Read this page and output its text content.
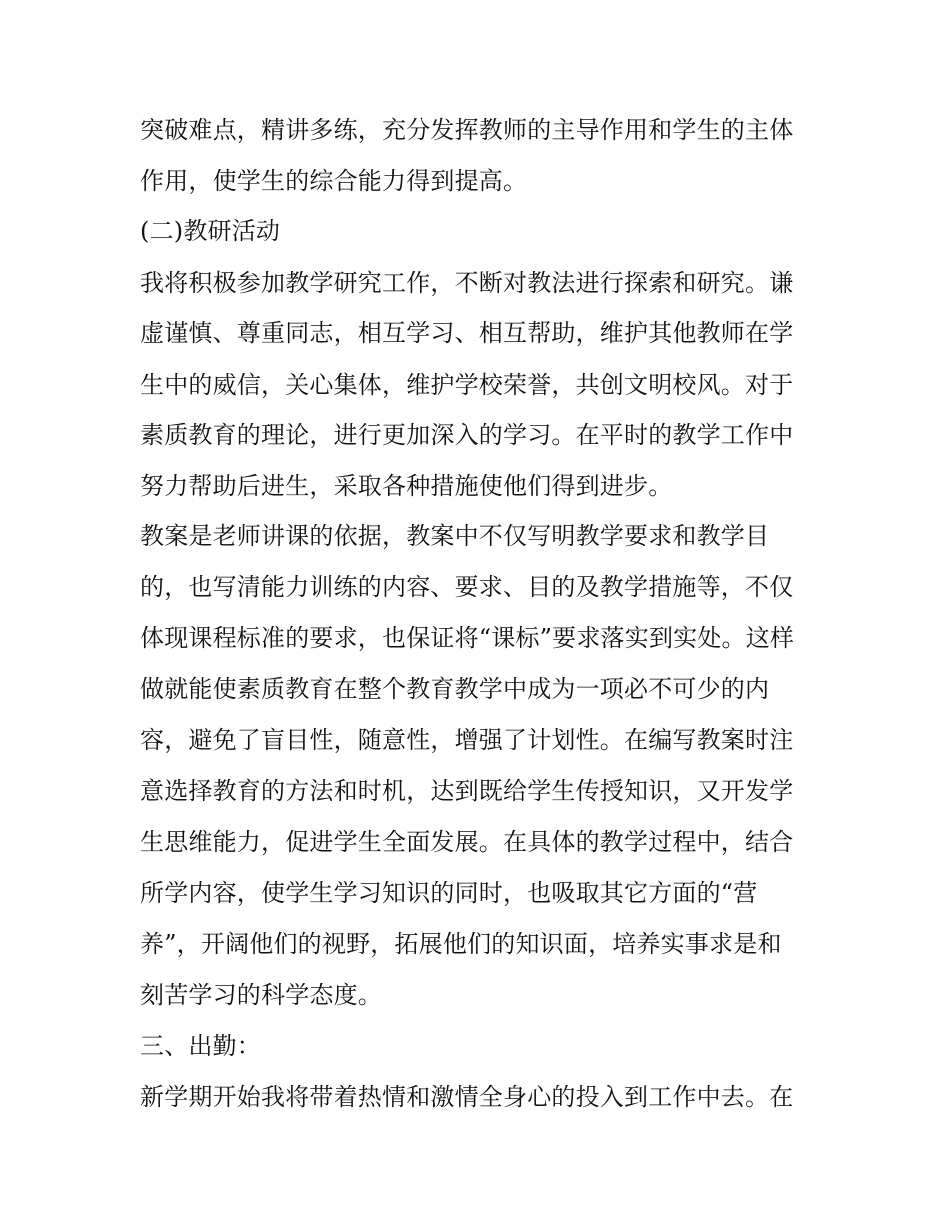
突破难点，精讲多练，充分发挥教师的主导作用和学生的主体
作用，使学生的综合能力得到提高。
(二)教研活动
我将积极参加教学研究工作，不断对教法进行探索和研究。谦
虚谨慎、尊重同志，相互学习、相互帮助，维护其他教师在学
生中的威信，关心集体，维护学校荣誉，共创文明校风。对于
素质教育的理论，进行更加深入的学习。在平时的教学工作中
努力帮助后进生，采取各种措施使他们得到进步。
教案是老师讲课的依据，教案中不仅写明教学要求和教学目
的，也写清能力训练的内容、要求、目的及教学措施等，不仅
体现课程标准的要求，也保证将“课标”要求落实到实处。这样
做就能使素质教育在整个教育教学中成为一项必不可少的内
容，避免了盲目性，随意性，增强了计划性。在编写教案时注
意选择教育的方法和时机，达到既给学生传授知识，又开发学
生思维能力，促进学生全面发展。在具体的教学过程中，结合
所学内容，使学生学习知识的同时，也吸取其它方面的“营
养”，开阔他们的视野，拓展他们的知识面，培养实事求是和
刻苦学习的科学态度。
三、出勤：
新学期开始我将带着热情和激情全身心的投入到工作中去。在
